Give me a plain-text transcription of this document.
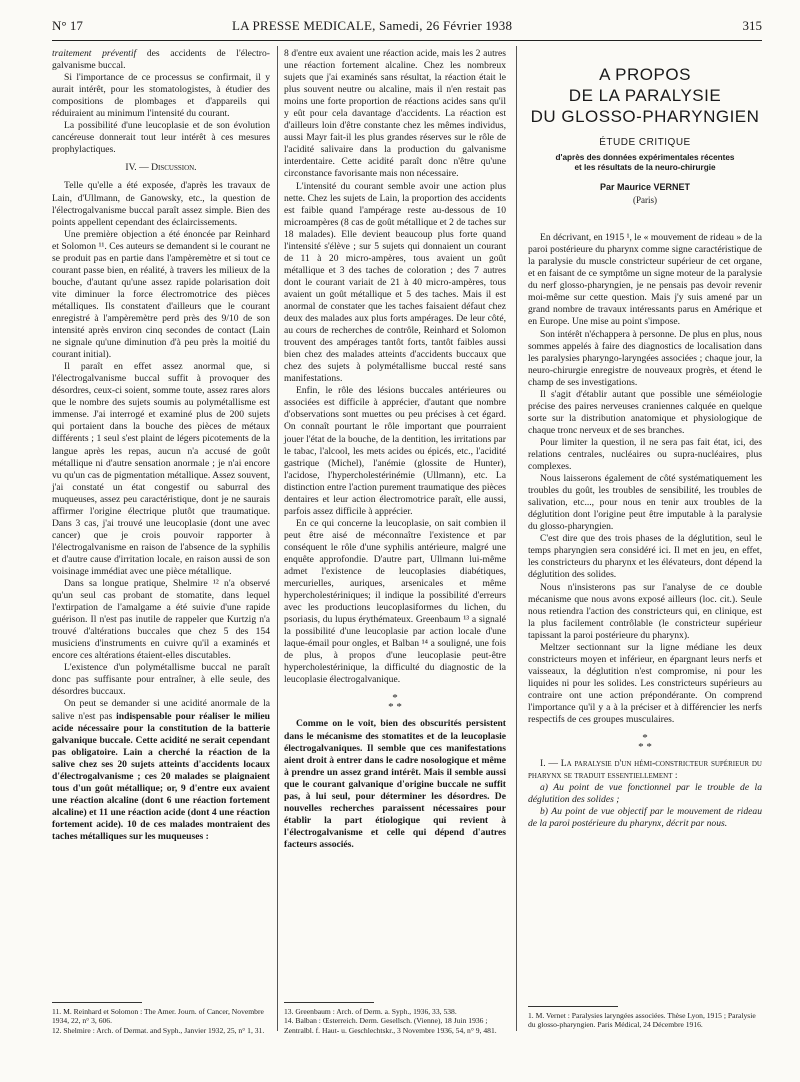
N° 17	LA PRESSE MEDICALE, Samedi, 26 Février 1938	315

traitement préventif des accidents de l'électro-galvanisme buccal.

Si l'importance de ce processus se confirmait, il y aurait intérêt, pour les stomatologistes, à étudier des compositions de plombages et d'appareils qui réduiraient au minimum l'intensité du courant.

La possibilité d'une leucoplasie et de son évolution cancéreuse donnerait tout leur intérêt à ces mesures prophylactiques.

IV. — Discussion.

Telle qu'elle a été exposée, d'après les travaux de Lain, d'Ullmann, de Ganowsky, etc., la question de l'électrogalvanisme buccal paraît assez simple. Bien des points appellent cependant des éclaircissements.

Une première objection a été énoncée par Reinhard et Solomon ¹¹. Ces auteurs se demandent si le courant ne se produit pas en partie dans l'ampèremètre et si tout ce courant passe bien, en réalité, à travers les milieux de la bouche, d'autant qu'une assez rapide polarisation doit vite diminuer la force électromotrice des pièces métalliques. Ils constatent d'ailleurs que le courant enregistré à l'ampèremètre perd près des 9/10 de son intensité après environ cinq secondes de contact (Lain ne signale qu'une diminution d'à peu près la moitié du courant initial).

Il paraît en effet assez anormal que, si l'électrogalvanisme buccal suffit à provoquer des désordres, ceux-ci soient, somme toute, assez rares alors que le nombre des sujets soumis au polymétallisme est immense. J'ai interrogé et examiné plus de 200 sujets qui portaient dans la bouche des pièces de métaux différents ; 1 seul s'est plaint de légers picotements de la langue après les repas, aucun n'a accusé de goût métallique ni d'autre sensation anormale ; je n'ai encore vu qu'un cas de pigmentation métallique. Assez souvent, j'ai constaté un état congestif ou saburral des muqueuses, assez peu caractéristique, dont je ne saurais affirmer l'origine électrique plutôt que traumatique. Dans 3 cas, j'ai trouvé une leucoplasie (dont une avec cancer) que je crois pouvoir rapporter à l'électrogalvanisme en raison de l'absence de la syphilis et d'autre cause d'irritation locale, en raison aussi de son voisinage immédiat avec une pièce métallique.

Dans sa longue pratique, Shelmire ¹² n'a observé qu'un seul cas probant de stomatite, dans lequel l'extirpation de l'amalgame a été suivie d'une rapide guérison. Il n'est pas inutile de rappeler que Kurtzig n'a trouvé d'altérations buccales que chez 5 des 154 musiciens d'instruments en cuivre qu'il a examinés et encore ces altérations étaient-elles discutables.

L'existence d'un polymétallisme buccal ne paraît donc pas suffisante pour entraîner, à elle seule, des désordres buccaux.

On peut se demander si une acidité anormale de la salive n'est pas indispensable pour réaliser le milieu acide nécessaire pour la constitution de la batterie galvanique buccale. Cette acidité ne serait cependant pas obligatoire. Lain a cherché la réaction de la salive chez ses 20 sujets atteints d'accidents locaux d'électrogalvanisme ; ces 20 malades se plaignaient tous d'un goût métallique; or, 9 d'entre eux avaient une réaction alcaline (dont 6 une réaction fortement alcaline) et 11 une réaction acide (dont 4 une réaction fortement acide). 10 de ces malades montraient des taches métalliques sur les muqueuses :

8 d'entre eux avaient une réaction acide, mais les 2 autres une réaction fortement alcaline. Chez les nombreux sujets que j'ai examinés sans résultat, la réaction était le plus souvent neutre ou alcaline, mais il n'en restait pas moins une forte proportion de réactions acides sans qu'il y eût pour cela davantage d'accidents. La réaction est d'ailleurs loin d'être constante chez les mêmes individus, aussi Mayr fait-il les plus grandes réserves sur le rôle de l'acidité salivaire dans la production du galvanisme interdentaire. Cette acidité paraît donc n'être qu'une circonstance favorisante mais non nécessaire.

L'intensité du courant semble avoir une action plus nette. Chez les sujets de Lain, la proportion des accidents est faible quand l'ampérage reste au-dessous de 10 microampères (8 cas de goût métallique et 2 de taches sur 18 malades). Elle devient beaucoup plus forte quand l'intensité s'élève ; sur 5 sujets qui donnaient un courant de 11 à 20 micro-ampères, tous avaient un goût métallique et 3 des taches de coloration ; des 7 autres dont le courant variait de 21 à 40 micro-ampères, tous avaient un goût métallique et 5 des taches. Mais il est anormal de constater que les taches faisaient défaut chez deux des malades aux plus forts ampérages. De leur côté, au cours de recherches de contrôle, Reinhard et Solomon trouvent des ampérages tantôt forts, tantôt faibles aussi bien chez des malades atteints d'accidents buccaux que chez des sujets à polymétallisme buccal resté sans manifestations.

Enfin, le rôle des lésions buccales antérieures ou associées est difficile à apprécier, d'autant que nombre d'observations sont muettes ou peu précises à cet égard. On connaît pourtant le rôle important que pourraient jouer l'état de la bouche, de la dentition, les irritations par le tabac, l'alcool, les mets acides ou épicés, etc., l'acidité gastrique (Michel), l'anémie (glossite de Hunter), l'acidose, l'hypercholestérinémie (Ullmann), etc. La distinction entre l'action purement traumatique des pièces dentaires et leur action électromotrice paraît, elle aussi, parfois assez difficile à apprécier.

En ce qui concerne la leucoplasie, on sait combien il peut être aisé de méconnaître l'existence et par conséquent le rôle d'une syphilis antérieure, malgré une enquête approfondie. D'autre part, Ullmann lui-même admet l'existence de leucoplasies diabétiques, mercurielles, auriques, arsenicales et même hypercholestériniques; il indique la possibilité d'erreurs avec les productions leucoplasiformes du lichen, du psoriasis, du lupus érythémateux. Greenbaum ¹³ a signalé la possibilité d'une leucoplasie par action locale d'une laque-émail pour ongles, et Balban ¹⁴ a souligné, une fois de plus, à propos d'une leucoplasie peut-être hypercholestérinique, la difficulté du diagnostic de la leucoplasie électrogalvanique.

*
* *

Comme on le voit, bien des obscurités persistent dans le mécanisme des stomatites et de la leucoplasie électrogalvaniques. Il semble que ces manifestations aient droit à entrer dans le cadre nosologique et même à prendre un assez grand intérêt. Mais il semble aussi que le courant galvanique d'origine buccale ne suffit pas, à lui seul, pour déterminer les désordres. De nouvelles recherches paraissent nécessaires pour établir la part étiologique qui revient à l'électrogalvanisme et celle qui dépend d'autres facteurs associés.

A PROPOS
DE LA PARALYSIE
DU GLOSSO-PHARYNGIEN
ÉTUDE CRITIQUE
d'après des données expérimentales récentes
et les résultats de la neuro-chirurgie
Par Maurice VERNET
(Paris)

En décrivant, en 1915 ¹, le « mouvement de rideau » de la paroi postérieure du pharynx comme signe caractéristique de la paralysie du muscle constricteur supérieur de cet organe, et en faisant de ce symptôme un signe moteur de la paralysie du nerf glosso-pharyngien, je ne pensais pas devoir revenir moi-même sur cette question. Mais j'y suis amené par un grand nombre de travaux intéressants parus en Amérique et en Europe. Une mise au point s'impose.

Son intérêt n'échappera à personne. De plus en plus, nous sommes appelés à faire des diagnostics de localisation dans les paralysies pharyngo-laryngées associées ; chaque jour, la neuro-chirurgie enregistre de nouveaux progrès, et étend le champ de ses investigations.

Il s'agit d'établir autant que possible une séméiologie précise des paires nerveuses craniennes calquée en quelque sorte sur la distribution anatomique et physiologique de chaque tronc nerveux et de ses branches.

Pour limiter la question, il ne sera pas fait état, ici, des relations centrales, nucléaires ou supra-nucléaires, plus complexes.

Nous laisserons également de côté systématiquement les troubles du goût, les troubles de sensibilité, les troubles de salivation, etc..., pour nous en tenir aux troubles de la déglutition dont l'origine peut être imputable à la paralysie du glosso-pharyngien.

C'est dire que des trois phases de la déglutition, seul le temps pharyngien sera considéré ici. Il met en jeu, en effet, les constricteurs du pharynx et les élévateurs, dont dépend la déglutition des solides.

Nous n'insisterons pas sur l'analyse de ce double mécanisme que nous avons exposé ailleurs (loc. cit.). Seule nous retiendra l'action des constricteurs qui, en clinique, est la plus facilement contrôlable (le constricteur supérieur tapissant la paroi postérieure du pharynx).

Meltzer sectionnant sur la ligne médiane les deux constricteurs moyen et inférieur, en épargnant leurs nerfs et vaisseaux, la déglutition n'est compromise, ni pour les liquides ni pour les solides. Les constricteurs supérieurs au contraire ont une action prépondérante. On comprend l'importance qu'il y a à la préciser et à différencier les nerfs respectifs de ces groupes musculaires.

*
* *

I. — La paralysie d'un hémi-constricteur supérieur du pharynx se traduit essentiellement :

a) Au point de vue fonctionnel par le trouble de la déglutition des solides ;

b) Au point de vue objectif par le mouvement de rideau de la paroi postérieure du pharynx, décrit par nous.

11. M. Reinhard et Solomon : The Amer. Journ. of Cancer, Novembre 1934, 22, n° 3, 606.
12. Shelmire : Arch. of Dermat. and Syph., Janvier 1932, 25, n° 1, 31.
13. Greenbaum : Arch. of Derm. a. Syph., 1936, 33, 538.
14. Balban : Œsterreich. Derm. Gesellsch. (Vienne), 18 Juin 1936 ; Zentralbl. f. Haut- u. Geschlechtskr., 3 Novembre 1936, 54, n° 9, 481.
1. M. Vernet : Paralysies laryngées associées. Thèse Lyon, 1915 ; Paralysie du glosso-pharyngien. Paris Médical, 24 Décembre 1916.
